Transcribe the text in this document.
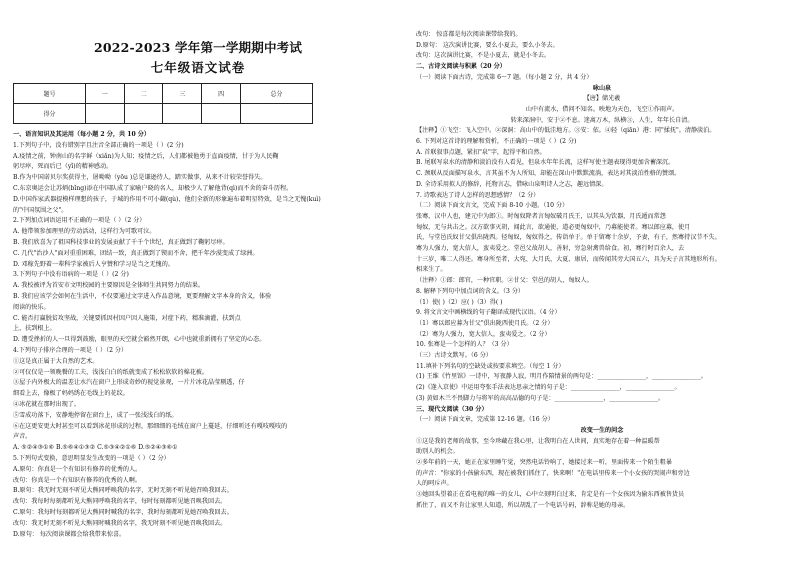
2022-2023 学年第一学期期中考试
七年级语文试卷
题号	一	二	三	四	总分
得分					
一、语言知识及其运用（每小题 2 分，共 10 分）
1.下列句子中，没有错别字且注音全部正确的一项是（ ）(2 分)
A.疫情之前，钟南山的名字鲜（xiǎn)为人知；疫情之后，人们都被他勇于直面疫情，甘于为人民鞠
躬尽瘁，死而后已（yǐ)的精神感动。
B.作为中国诺贝尔奖获得主，屠呦呦（yōu )总是谦逊待人，踏实做事，从来不计较荣誉得失。
C.东京奥运会让苏炳(bǐng)添在中国队成了家喻户晓的名人，却极少人了解他背(qì)而不舍的奋斗历程。
D.中国作家武器提模样理想的孩子，于城的作用不可小觑(qù)，他们全新的形象遍布着明星特效，是当之无愧(kuì)
的"中国氛围之父"。
2.下列加点词语运用不正确的一项是（ ）（2 分）
A. 他带领参加理里的劳动活动，这样行为可歌可泣。
B. 我们欣喜为了祖国科技事业的发展贡献了千千个世纪，真正做到了鞠躬尽瘁。
C. 几代"治沙人"面对重重困难，团结一致，真正做到了锲而不舍，把千年沙漠变成了绿洲。
D. 邓稼先野着一辈科学家被后人亨赞和学习是当之无愧的。
3.下列句子中没有语病的一项是（ ）(2 分)
A. 我校被评为首安市文明校园的主要原因是全体师生共同努力的结果。
B. 我们应该学会如何在生活中，不仅要通过文字进入作品意境，更要理解文字本身的含义，体验
阅读的快乐。
C. 能否打赢脱贫攻坚战，关键要抓因村因户因人施策，对症下药，精准滴灌，扶到点
上、扶到根上。
D. 遭受挫折的人一旦得到鼓励，眼里的天空就会豁然开朗，心中也就重新拥有了坚定的心态。
4.下列句子排序合理的一项是（ ）（2 分）
①这是真正属于大自然的艺术。
②可仅仅是一领晚餐的工夫，浅浅白白的纸就变成了松松软软的棉花被。
③屋子内外极大的温差让水汽在窗户上形成奇妙的视觉景观，一片片冰花晶莹剔透，仔
细看上去，像极了妈妈绣在毛线上的花纹。
④冰花就在那时出现了。
⑤雪成功落下，安静地停留在窗台上，成了一张浅浅白的纸。
⑥在这更安更大时甚至可以看到冰花形成的过程，那细细的毛绒在窗户上蔓延，仔细听还有嘎吱嘎吱的
声音。
A. ⑤②④③①⑥ B.⑤⑥④①③② C.⑤③④②①⑥ D.⑤②④③⑥①
5.下列句式变换，意思明显发生改变的一项是（ ）（2 分）
A.原句：你真是一个有知识有修养的优秀的人。
改句：你真是一个有知识有修养的优秀的人啊。
B.原句：我无时无刻不听见大熊同呼唤我的名字，无时无刻不听见她召唤我回去。
改句：我每时每刻都听见大熊同呼唤我的名字，每时每刻都听见她召唤我回去。
C.原句：我每时每刻都听见大熊同时喊我的名字，我时每刻都听见她召唤我回去。
改句：我无时无刻不听见大熊同时喊我的名字，我无时刻不听见她召唤我回去。
D.原句： 每次阅读课都会给我带来惊喜。
改句： 惊喜都是每次阅读课带给我的。
D.原句： 这次演讲比赛，要么小夏去，要么小冬去。
改句：这次演讲比赛，不是小夏去，就是小冬去。
二、古诗文阅读与积累（20 分）
（一）阅读下面古诗，完成第 6～7 题。（每小题 2 分，共 4 分）
咏山泉
【唐】储光羲
山中有流水，借问不知名。映地为天色，飞空①作雨声。
转来深洞中，安于②不息。迷离万木，纵横③，人生，年年长自清。
【注释】①飞空：飞入空中。②深洞：高山中的低洼地方。③安：依。④轻（qiān）港：同"揉抚"。清静淡泊。
6. 下列对这首诗的理解和赏析，不正确的一项是（ ）(2 分)
A. 首联叙事点题，紧扣"泉"字，起得平和自然。
B. 尾联写泉水的清静和淡泊没有人看见，但泉水年年长流，这样写使主题表现得更加含蓄深沉。
C. 颈联从反面描写泉水，言其虽不为人所知，却能在深山中默默流淌，表达对其淡泊性格的赞颂。
D. 全诗采用拟人的修辞，托物言志，借咏山泉明诗人之志，趣远情深。
7. 诗歌表达了诗人怎样的思想感情？（2 分）
（二）阅读下面文言文，完成下面 8-10 小题。（10 分）
张骞，汉中人也，建元中为郎①。时匈奴降者言匈奴破月氏王，以其头为饮器，月氏遁而常怨
匈奴，无与共击之。汉方欲事灭胡，闻此言，欲通使，道必更匈奴中，乃募能使者。骞以郎应募，使月
氏，与堂邑氏奴甘父俱出陇西。径匈奴，匈奴得之，传诣单于。单于留骞十余岁，予妻，有子，然骞持汉节不失。
骞为人强力，宽大信人，蛮夷爱之。堂邑父故胡人，善射，穷急射禽兽给食。初，骞行时百余人，去
十三岁，唯二人得还。骞身所至者，大宛、大月氏、大夏、康居，而传闻其旁大国五六，具为天子言其地形所有。
相来生了。
（注释）①郎：郎官，一种官职。②甘父：堂邑的胡人，匈奴人。
8. 解释下列句中加点词的含义。（3 分）
（1）使( )（2）应( )（3）得( )
9. 将文言文中画横线的句子翻译成现代汉语。（4 分）
（1）骞以郎应募为甘父"俱出陇西使月氏。（2 分）
（2）骞为人强力，宽大信人，蛮夷爱之。（2 分）
10. 张骞是一个怎样的人？（3 分）
（三）古诗文默写。（6 分）
11.填补下列名句的空缺处或按要求填空。（每空 1 分）
(1) 王维《竹里馆》一诗中，写夜静人寂，明月作陪情景的两句是：________________，________________。
(2)《逢入京使》中运用夸张手法表达思亲之情的句子是：________________，________________。
(3) 黄如木兰不畏脚力与将军的高高品德的句子是：________________，________________。
三、现代文阅读（30 分）
（一）阅读下面文章，完成第 12-16 题。（16 分）
改变一生的问念
①这是我的老师的故事，至今珍藏在我心里，让我明白在人世间，真实地存在着一种温暖帮
助别人的机会。
②多年前的一天，她正在家里睡午觉，突然电话铃响了，她接过来一听，里面传来一个陌生粗暴
的声音："你家的小孩偷东西，现在被我们抓住了，快来啊！"在电话里传来一个小女孩的哭闹声和旁边
人的呵斥声。
③她回头望着正在看电视的唯一的女儿，心中立刻明白过来，肯定是有一个女孩因为偷东西被售货员
抓住了，而又不肯让家里人知道，所以胡乱了一个电话号码，辞称是她的母亲。
